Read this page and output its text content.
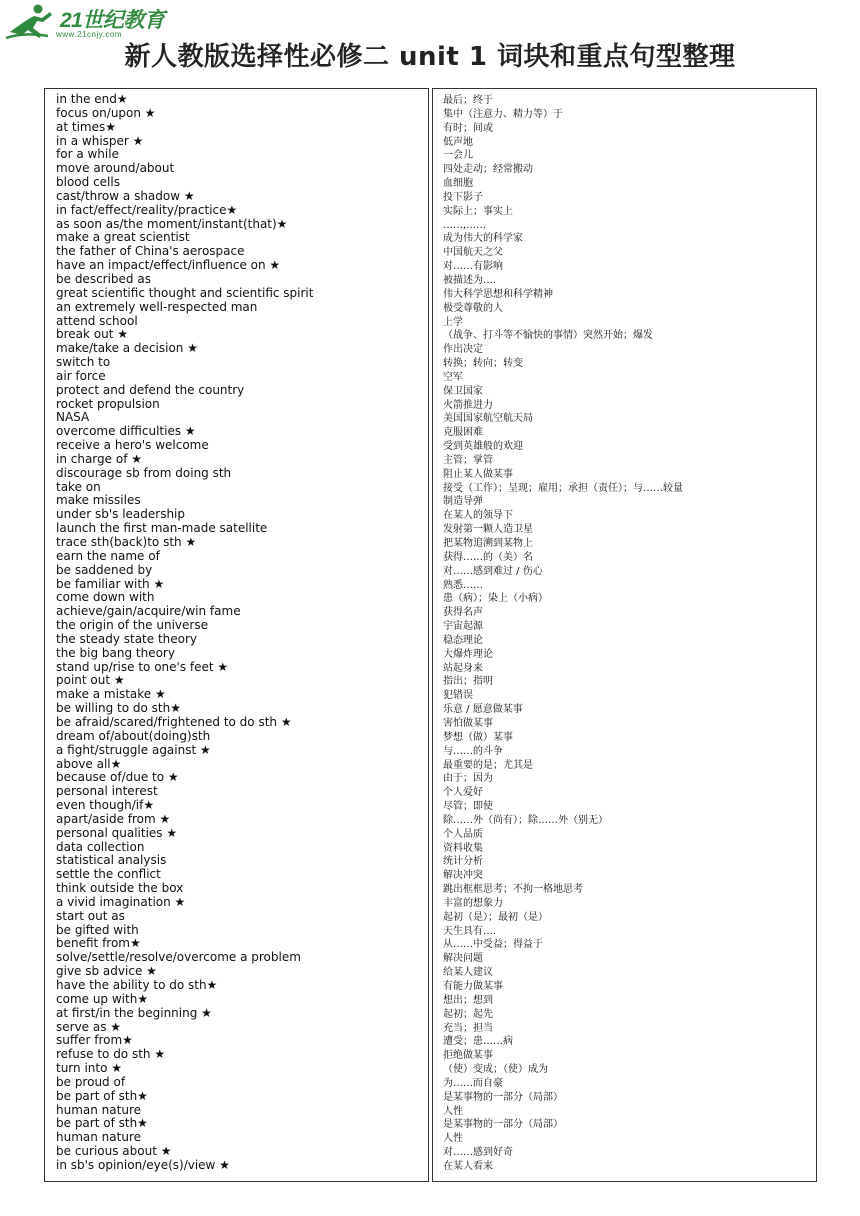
21世纪教育
www.21cnjy.com
新人教版选择性必修二 unit 1 词块和重点句型整理
in the end★
focus on/upon ★
at times★
in a whisper ★
for a while
move around/about
blood cells
cast/throw a shadow ★
in fact/effect/reality/practice★
as soon as/the moment/instant(that)★
make a great scientist
the father of China's aerospace
have an impact/effect/influence on ★
be described as
great scientific thought and scientific spirit
an extremely well-respected man
attend school
break out ★
make/take a decision ★
switch to
air force
protect and defend the country
rocket propulsion
NASA
overcome difficulties ★
receive a hero's welcome
in charge of ★
discourage sb from doing sth
take on
make missiles
under sb's leadership
launch the first man-made satellite
trace sth(back)to sth ★
earn the name of
be saddened by
be familiar with ★
come down with
achieve/gain/acquire/win fame
the origin of the universe
the steady state theory
the big bang theory
stand up/rise to one's feet ★
point out ★
make a mistake ★
be willing to do sth★
be afraid/scared/frightened to do sth ★
dream of/about(doing)sth
a fight/struggle against ★
above all★
because of/due to ★
personal interest
even though/if★
apart/aside from ★
personal qualities ★
data collection
statistical analysis
settle the conflict
think outside the box
a vivid imagination ★
start out as
be gifted with
benefit from★
solve/settle/resolve/overcome a problem
give sb advice ★
have the ability to do sth★
come up with★
at first/in the beginning ★
serve as ★
suffer from★
refuse to do sth ★
turn into ★
be proud of
be part of sth★
human nature
be part of sth★
human nature
be curious about ★
in sb's opinion/eye(s)/view ★
最后；终于
集中（注意力、精力等）于
有时；间或
低声地
一会儿
四处走动；经常搬动
血细胞
投下影子
实际上；事实上
……,……
成为伟大的科学家
中国航天之父
对……有影响
被描述为….
伟大科学思想和科学精神
极受尊敬的人
上学
（战争、打斗等不愉快的事情）突然开始；爆发
作出决定
转换；转向；转变
空军
保卫国家
火箭推进力
美国国家航空航天局
克服困难
受到英雄般的欢迎
主管；掌管
阻止某人做某事
接受（工作）；呈现；雇用；承担（责任）；与……较量
制造导弹
在某人的领导下
发射第一颗人造卫星
把某物追溯到某物上
获得……的（美）名
对……感到难过 / 伤心
熟悉……
患（病）；染上（小病）
获得名声
宇宙起源
稳态理论
大爆炸理论
站起身来
指出；指明
犯错误
乐意 / 愿意做某事
害怕做某事
梦想（做）某事
与……的斗争
最重要的是；尤其是
由于；因为
个人爱好
尽管；即使
除……外（尚有）；除……外（别无）
个人品质
资料收集
统计分析
解决冲突
跳出框框思考；不拘一格地思考
丰富的想象力
起初（是）；最初（是）
天生具有….
从……中受益；得益于
解决问题
给某人建议
有能力做某事
想出；想到
起初；起先
充当；担当
遭受；患……病
拒绝做某事
（使）变成；（使）成为
为……而自豪
是某事物的一部分（局部）
人性
是某事物的一部分（局部）
人性
对……感到好奇
在某人看来
